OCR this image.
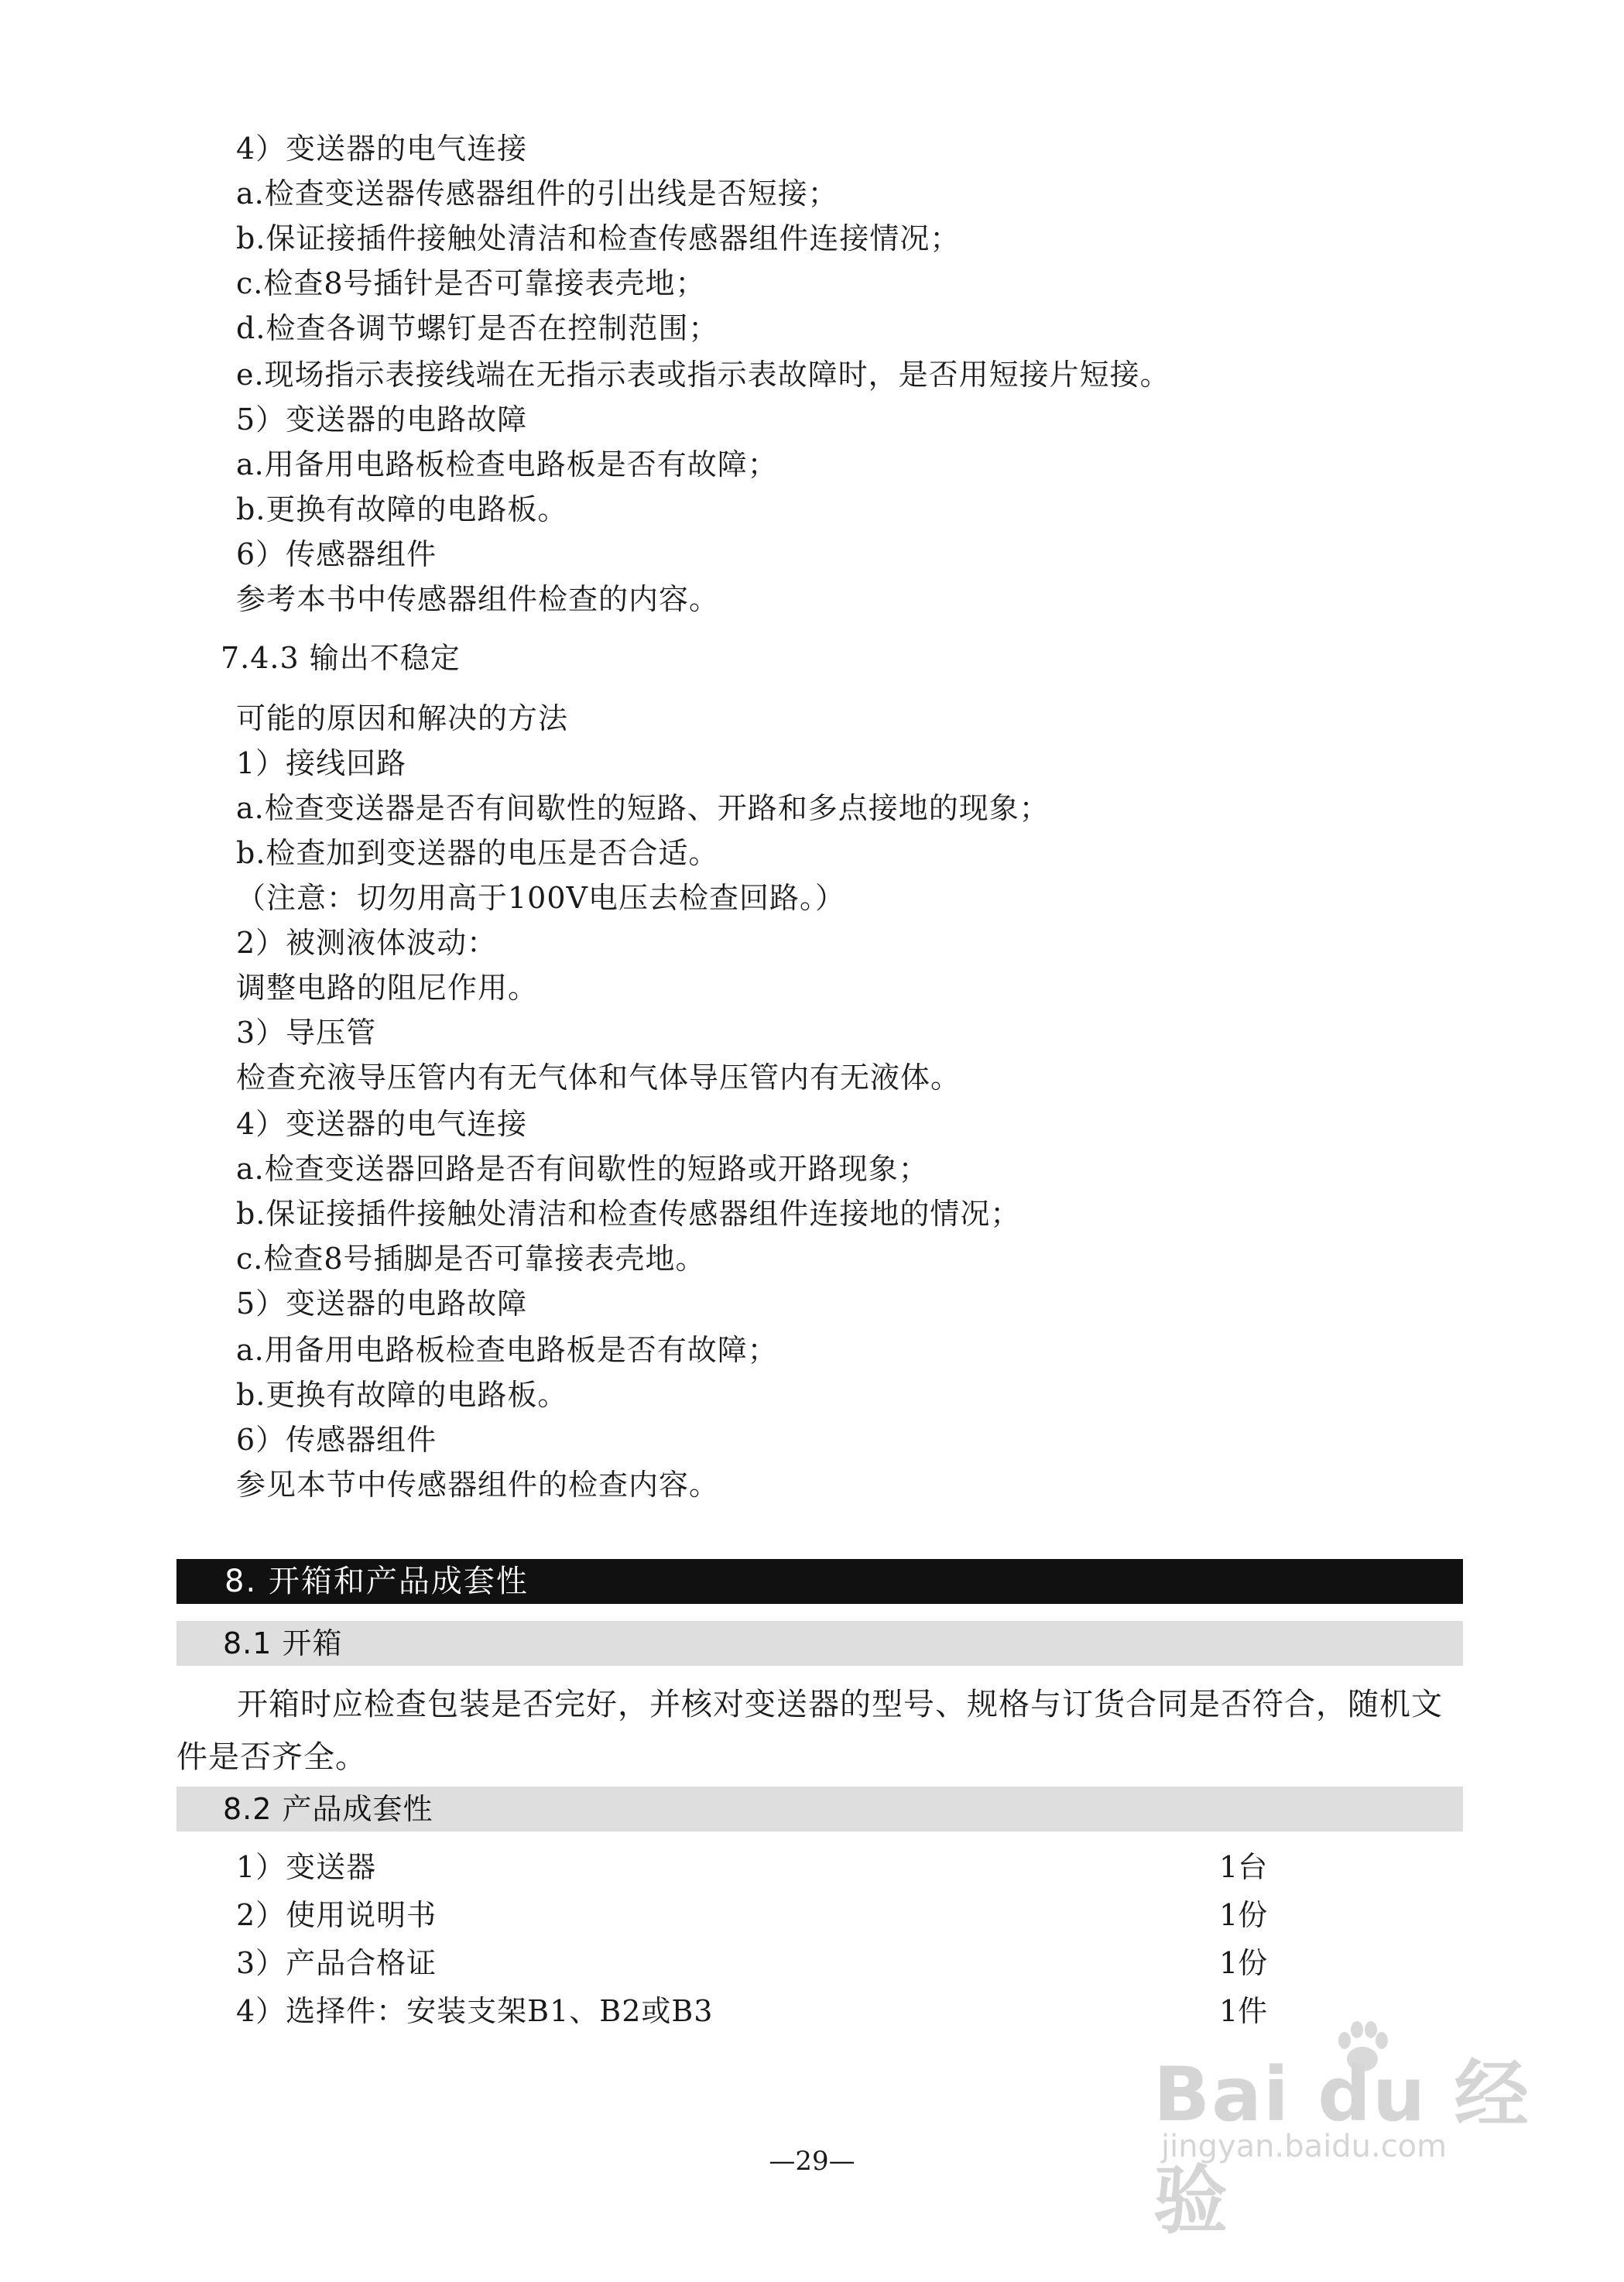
4）变送器的电气连接
a.检查变送器传感器组件的引出线是否短接；
b.保证接插件接触处清洁和检查传感器组件连接情况；
c.检查8号插针是否可靠接表壳地；
d.检查各调节螺钉是否在控制范围；
e.现场指示表接线端在无指示表或指示表故障时，是否用短接片短接。
5）变送器的电路故障
a.用备用电路板检查电路板是否有故障；
b.更换有故障的电路板。
6）传感器组件
参考本书中传感器组件检查的内容。
7.4.3 输出不稳定
可能的原因和解决的方法
1）接线回路
a.检查变送器是否有间歇性的短路、开路和多点接地的现象；
b.检查加到变送器的电压是否合适。
（注意：切勿用高于100V电压去检查回路。）
2）被测液体波动：
调整电路的阻尼作用。
3）导压管
检查充液导压管内有无气体和气体导压管内有无液体。
4）变送器的电气连接
a.检查变送器回路是否有间歇性的短路或开路现象；
b.保证接插件接触处清洁和检查传感器组件连接地的情况；
c.检查8号插脚是否可靠接表壳地。
5）变送器的电路故障
a.用备用电路板检查电路板是否有故障；
b.更换有故障的电路板。
6）传感器组件
参见本节中传感器组件的检查内容。
8. 开箱和产品成套性
8.1 开箱
开箱时应检查包装是否完好，并核对变送器的型号、规格与订货合同是否符合，随机文件是否齐全。
8.2 产品成套性
1）变送器	1台
2）使用说明书	1份
3）产品合格证	1份
4）选择件：安装支架B1、B2或B3	1件
Bai du 经验
jingyan.baidu.com
—29—
